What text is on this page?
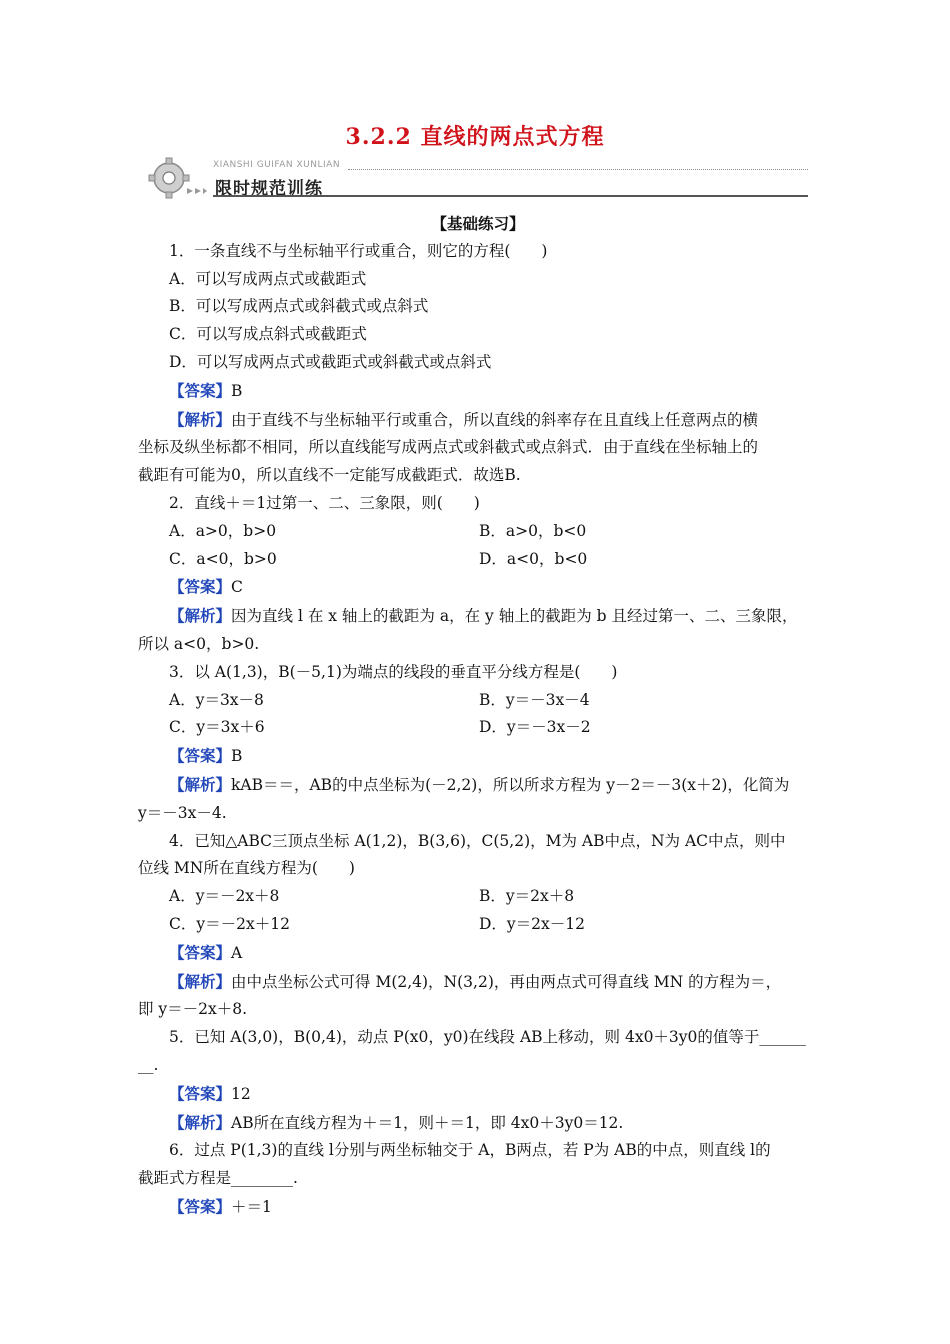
3.2.2 直线的两点式方程
XIANSHI GUIFAN XUNLIAN
限时规范训练

【基础练习】

1．一条直线不与坐标轴平行或重合，则它的方程(　　)

A．可以写成两点式或截距式

B．可以写成两点式或斜截式或点斜式

C．可以写成点斜式或截距式

D．可以写成两点式或截距式或斜截式或点斜式

【答案】B

【解析】由于直线不与坐标轴平行或重合，所以直线的斜率存在且直线上任意两点的横

坐标及纵坐标都不相同，所以直线能写成两点式或斜截式或点斜式．由于直线在坐标轴上的

截距有可能为0，所以直线不一定能写成截距式．故选B.

2．直线＋＝1过第一、二、三象限，则(　　)

A．a>0，b>0	B．a>0，b<0
C．a<0，b>0	D．a<0，b<0

【答案】C

【解析】因为直线 l 在 x 轴上的截距为 a，在 y 轴上的截距为 b 且经过第一、二、三象限，

所以 a<0，b>0.

3．以 A(1,3)，B(－5,1)为端点的线段的垂直平分线方程是(　　)

A．y＝3x－8	B．y＝－3x－4
C．y＝3x＋6	D．y＝－3x－2

【答案】B

【解析】kAB＝＝，AB的中点坐标为(－2,2)，所以所求方程为 y－2＝－3(x＋2)，化简为

y＝－3x－4.

4．已知△ABC三顶点坐标 A(1,2)，B(3,6)，C(5,2)，M为 AB中点，N为 AC中点，则中

位线 MN所在直线方程为(　　)

A．y＝－2x＋8	B．y＝2x＋8
C．y＝－2x＋12	D．y＝2x－12

【答案】A

【解析】由中点坐标公式可得 M(2,4)，N(3,2)，再由两点式可得直线 MN 的方程为＝，

即 y＝－2x＋8.

5．已知 A(3,0)，B(0,4)，动点 P(x0，y0)在线段 AB上移动，则 4x0＋3y0的值等于______

__.

【答案】12

【解析】AB所在直线方程为＋＝1，则＋＝1，即 4x0＋3y0＝12.

6．过点 P(1,3)的直线 l分别与两坐标轴交于 A，B两点，若 P为 AB的中点，则直线 l的

截距式方程是________.

【答案】＋＝1
